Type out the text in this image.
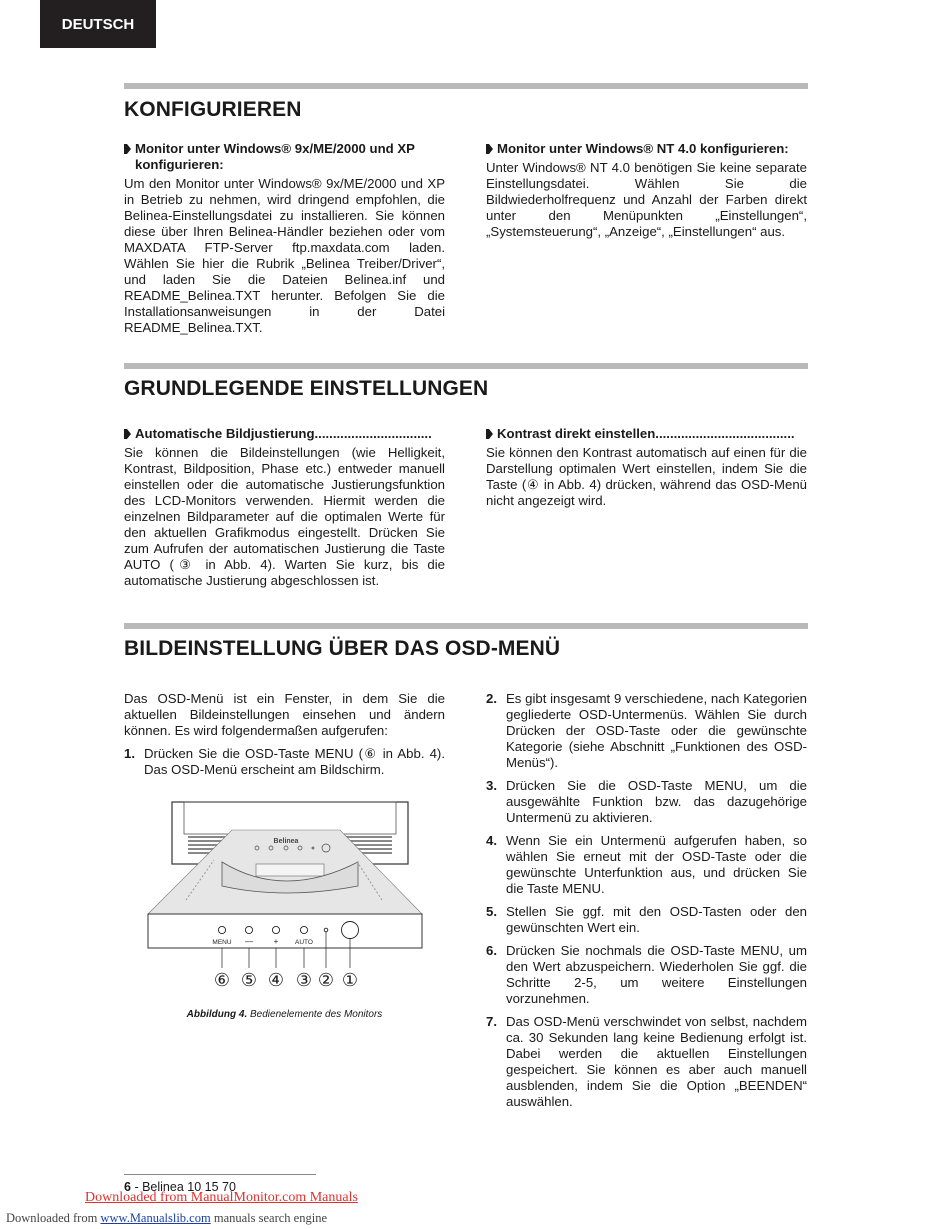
DEUTSCH
KONFIGURIEREN
Monitor unter Windows® 9x/ME/2000 und XP konfigurieren:

Um den Monitor unter Windows® 9x/ME/2000 und XP in Betrieb zu nehmen, wird dringend empfohlen, die Belinea-Einstellungsdatei zu installieren. Sie können diese über Ihren Belinea-Händler beziehen oder vom MAXDATA FTP-Server ftp.maxdata.com laden. Wählen Sie hier die Rubrik „Belinea Treiber/Driver“, und laden Sie die Dateien Belinea.inf und README_Belinea.TXT herunter. Befolgen Sie die Installationsanweisungen in der Datei README_Belinea.TXT.

Monitor unter Windows® NT 4.0 konfigurieren:

Unter Windows® NT 4.0 benötigen Sie keine separate Einstellungsdatei. Wählen Sie die Bildwiederholfrequenz und Anzahl der Farben direkt unter den Menüpunkten „Einstellungen“, „Systemsteuerung“, „Anzeige“, „Einstellungen“ aus.

GRUNDLEGENDE EINSTELLUNGEN
Automatische Bildjustierung................................

Sie können die Bildeinstellungen (wie Helligkeit, Kontrast, Bildposition, Phase etc.) entweder manuell einstellen oder die automatische Justierungsfunktion des LCD-Monitors verwenden. Hiermit werden die einzelnen Bildparameter auf die optimalen Werte für den aktuellen Grafikmodus eingestellt. Drücken Sie zum Aufrufen der automatischen Justierung die Taste AUTO (③ in Abb. 4). Warten Sie kurz, bis die automatische Justierung abgeschlossen ist.

Kontrast direkt einstellen......................................

Sie können den Kontrast automatisch auf einen für die Darstellung optimalen Wert einstellen, indem Sie die Taste (④ in Abb. 4) drücken, während das OSD-Menü nicht angezeigt wird.

BILDEINSTELLUNG ÜBER DAS OSD-MENÜ

Das OSD-Menü ist ein Fenster, in dem Sie die aktuellen Bildeinstellungen einsehen und ändern können. Es wird folgendermaßen aufgerufen:

1. Drücken Sie die OSD-Taste MENU (⑥ in Abb. 4). Das OSD-Menü erscheint am Bildschirm.
Belinea
MENU —	+	AUTO
⑥ ⑤ ④ ③ ② ①
Abbildung 4. Bedienelemente des Monitors
2. Es gibt insgesamt 9 verschiedene, nach Kategorien gegliederte OSD-Untermenüs. Wählen Sie durch Drücken der OSD-Taste oder die gewünschte Kategorie (siehe Abschnitt „Funktionen des OSD-Menüs“).
3. Drücken Sie die OSD-Taste MENU, um die ausgewählte Funktion bzw. das dazugehörige Untermenü zu aktivieren.
4. Wenn Sie ein Untermenü aufgerufen haben, so wählen Sie erneut mit der OSD-Taste oder die gewünschte Unterfunktion aus, und drücken Sie die Taste MENU.
5. Stellen Sie ggf. mit den OSD-Tasten oder den gewünschten Wert ein.
6. Drücken Sie nochmals die OSD-Taste MENU, um den Wert abzuspeichern. Wiederholen Sie ggf. die Schritte 2-5, um weitere Einstellungen vorzunehmen.
7. Das OSD-Menü verschwindet von selbst, nachdem ca. 30 Sekunden lang keine Bedienung erfolgt ist. Dabei werden die aktuellen Einstellungen gespeichert. Sie können es aber auch manuell ausblenden, indem Sie die Option „BEENDEN“ auswählen.
6 - Belinea 10 15 70
Downloaded from ManualMonitor.com Manuals
Downloaded from www.Manualslib.com manuals search engine
